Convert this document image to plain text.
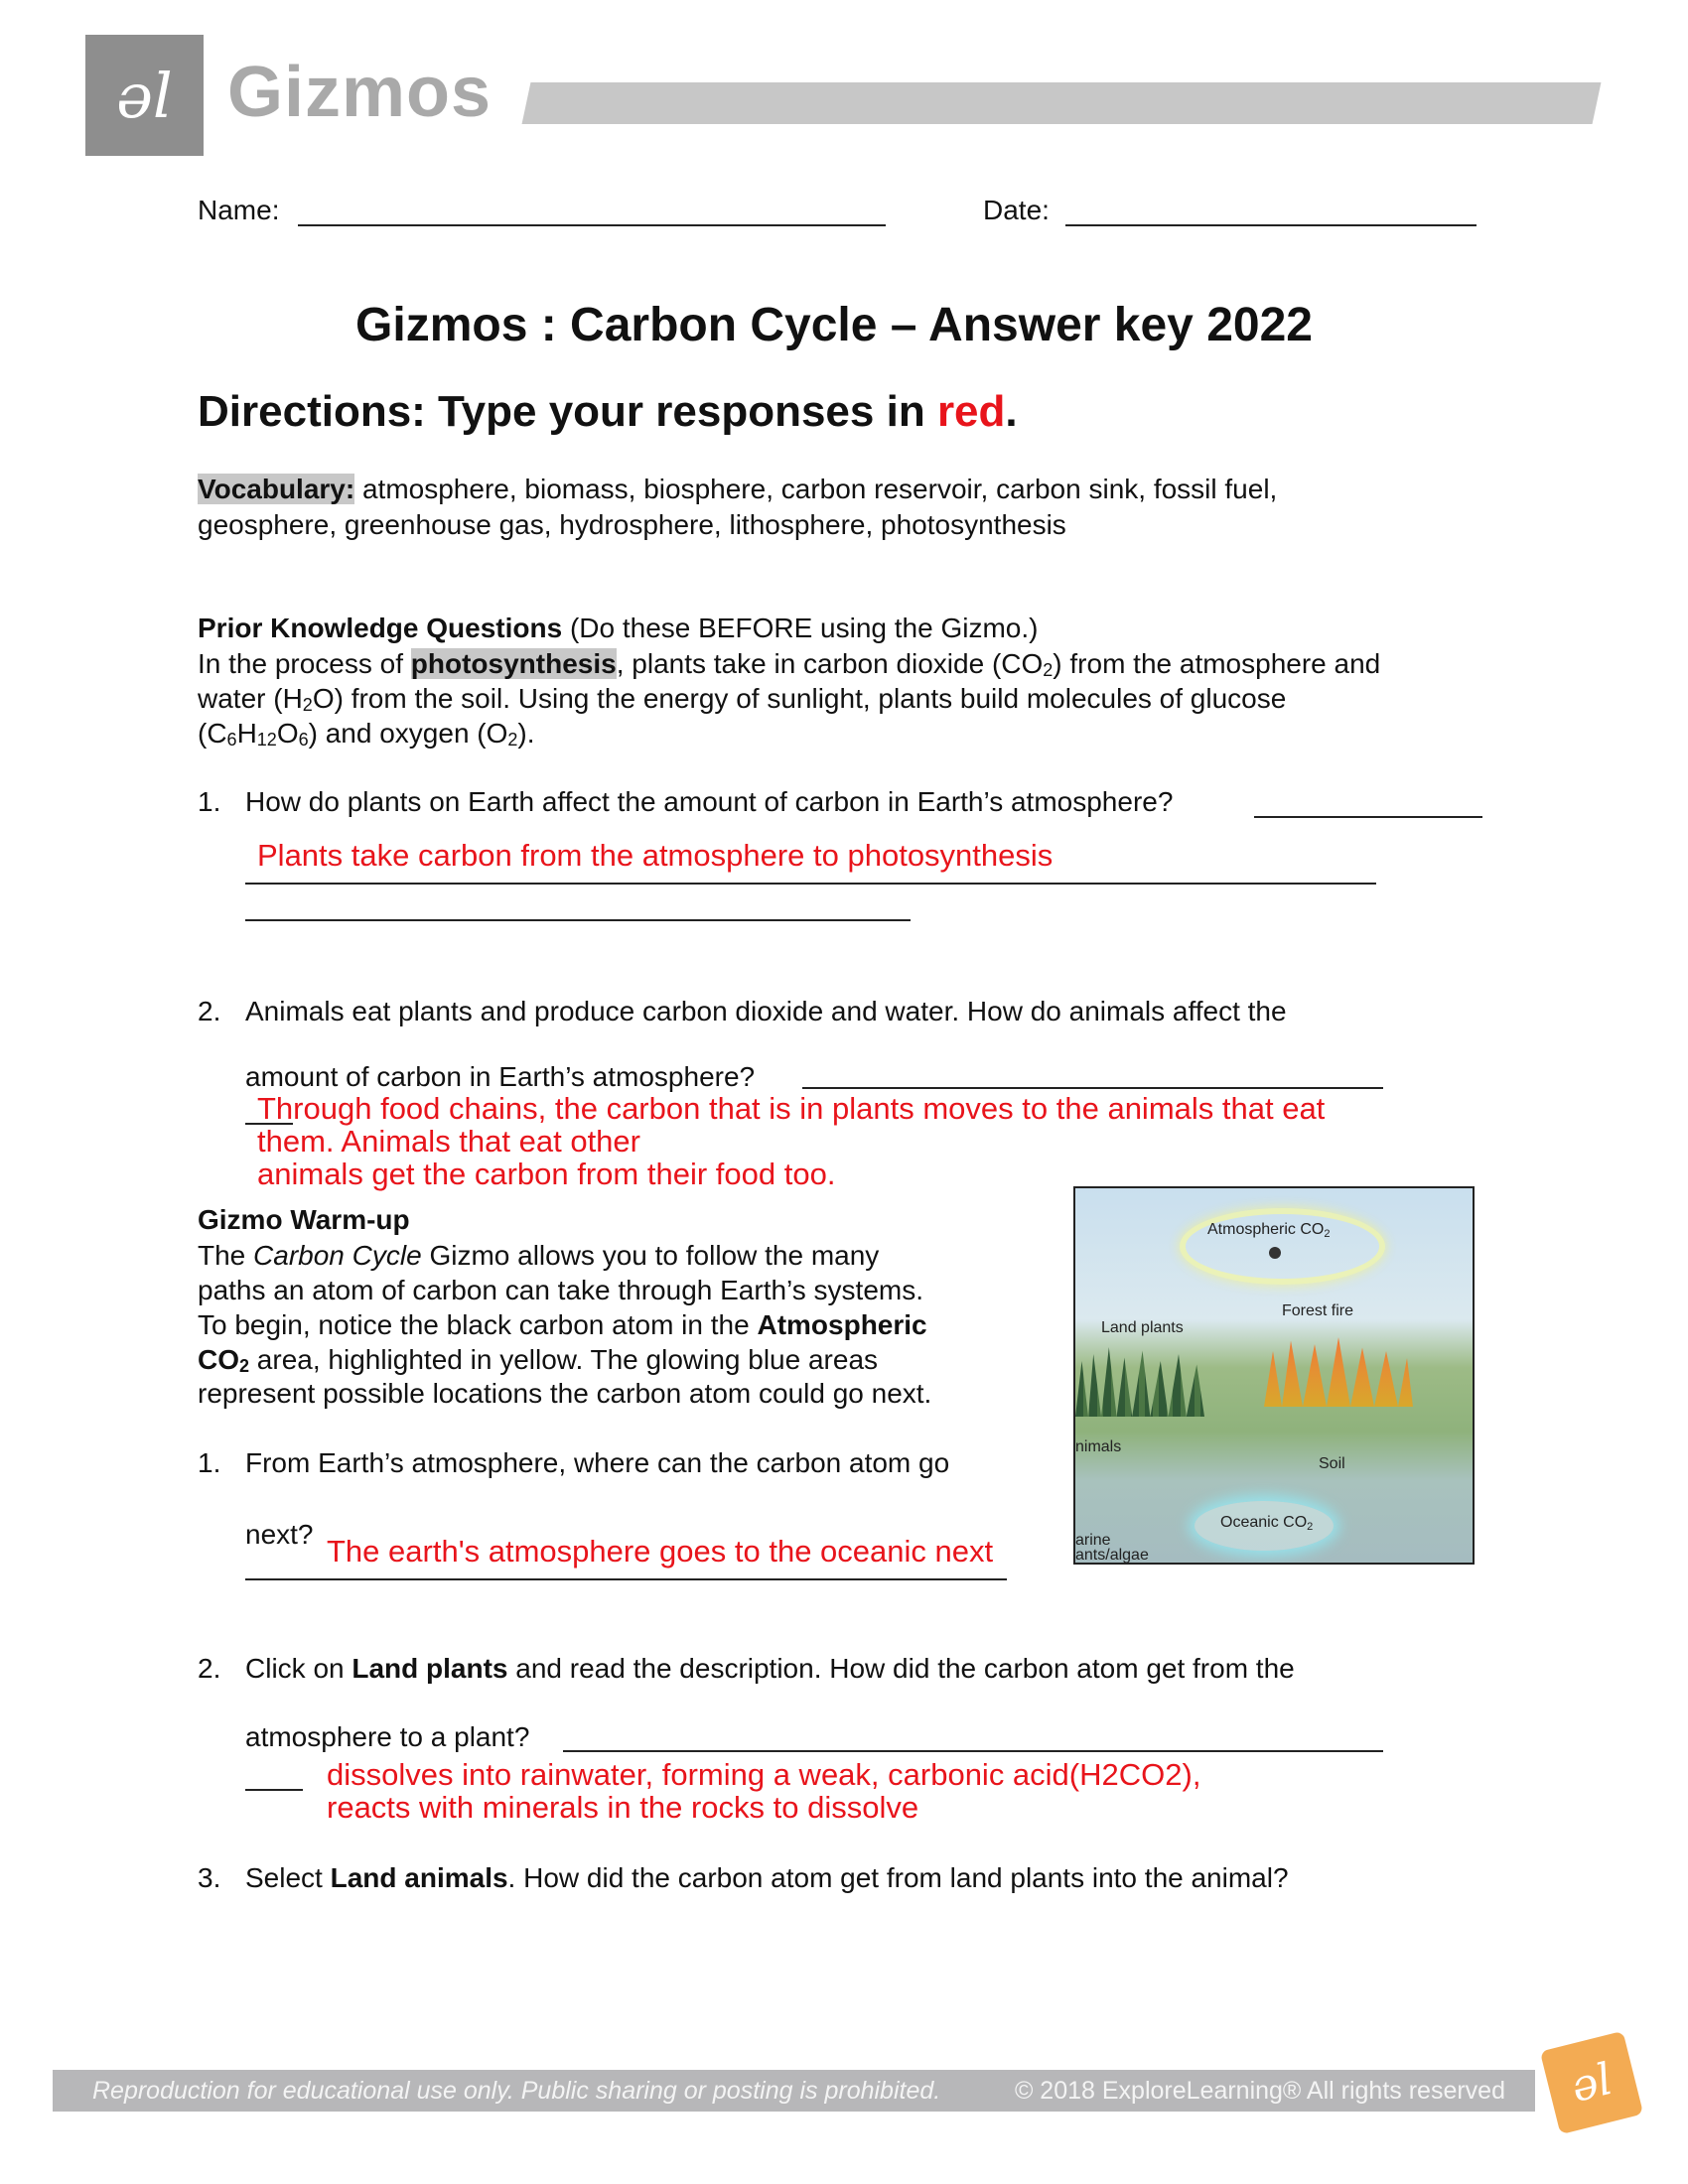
ǝl Gizmos
Name:	Date:
Gizmos : Carbon Cycle – Answer key 2022
Directions: Type your responses in red.
Vocabulary: atmosphere, biomass, biosphere, carbon reservoir, carbon sink, fossil fuel,
geosphere, greenhouse gas, hydrosphere, lithosphere, photosynthesis
Prior Knowledge Questions (Do these BEFORE using the Gizmo.)
In the process of photosynthesis, plants take in carbon dioxide $(CO_2)$ from the atmosphere and
water $(H_2O)$ from the soil. Using the energy of sunlight, plants build molecules of glucose
$(C_6H_{12}O_6)$ and oxygen $(O_2)$.
1. How do plants on Earth affect the amount of carbon in Earth’s atmosphere?
Plants take carbon from the atmosphere to photosynthesis
2. Animals eat plants and produce carbon dioxide and water. How do animals affect the
amount of carbon in Earth’s atmosphere?
Through food chains, the carbon that is in plants moves to the animals that eat
them. Animals that eat other
animals get the carbon from their food too.
Gizmo Warm-up
The Carbon Cycle Gizmo allows you to follow the many
paths an atom of carbon can take through Earth’s systems.
To begin, notice the black carbon atom in the Atmospheric
$CO_2$ area, highlighted in yellow. The glowing blue areas
represent possible locations the carbon atom could go next.
Atmospheric $CO_2$
Forest fire
Land plants
nimals
Soil
Oceanic $CO_2$
arine
ants/algae
1. From Earth’s atmosphere, where can the carbon atom go
next? The earth's atmosphere goes to the oceanic next
2. Click on Land plants and read the description. How did the carbon atom get from the
atmosphere to a plant?
dissolves into rainwater, forming a weak, carbonic acid(H2CO2),
reacts with minerals in the rocks to dissolve
3. Select Land animals. How did the carbon atom get from land plants into the animal?
Reproduction for educational use only. Public sharing or posting is prohibited.	© 2018 ExploreLearning® All rights reserved ǝl
